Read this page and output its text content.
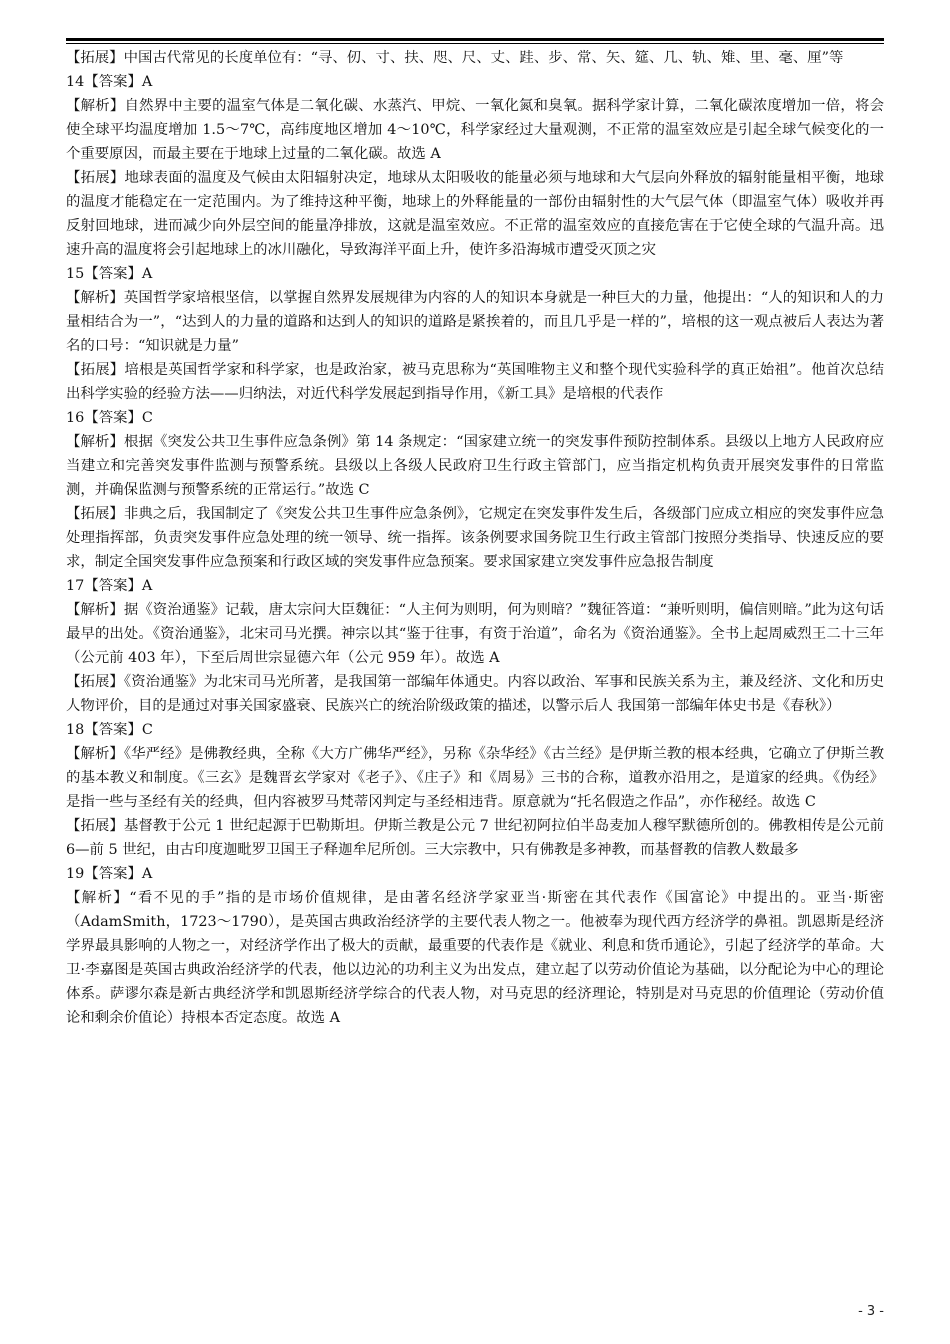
【拓展】中国古代常见的长度单位有：“寻、仞、寸、扶、咫、尺、丈、跬、步、常、矢、筵、几、轨、雉、里、毫、厘”等

14【答案】A

【解析】自然界中主要的温室气体是二氧化碳、水蒸汽、甲烷、一氧化氮和臭氧。据科学家计算，二氧化碳浓度增加一倍，将会使全球平均温度增加 1.5～7℃，高纬度地区增加 4～10℃，科学家经过大量观测，不正常的温室效应是引起全球气候变化的一个重要原因，而最主要在于地球上过量的二氧化碳。故选 A

【拓展】地球表面的温度及气候由太阳辐射决定，地球从太阳吸收的能量必须与地球和大气层向外释放的辐射能量相平衡，地球的温度才能稳定在一定范围内。为了维持这种平衡，地球上的外释能量的一部份由辐射性的大气层气体（即温室气体）吸收并再反射回地球，进而减少向外层空间的能量净排放，这就是温室效应。不正常的温室效应的直接危害在于它使全球的气温升高。迅速升高的温度将会引起地球上的冰川融化，导致海洋平面上升，使许多沿海城市遭受灭顶之灾

15【答案】A

【解析】英国哲学家培根坚信，以掌握自然界发展规律为内容的人的知识本身就是一种巨大的力量，他提出：“人的知识和人的力量相结合为一”，“达到人的力量的道路和达到人的知识的道路是紧挨着的，而且几乎是一样的”，培根的这一观点被后人表达为著名的口号：“知识就是力量”

【拓展】培根是英国哲学家和科学家，也是政治家，被马克思称为“英国唯物主义和整个现代实验科学的真正始祖”。他首次总结出科学实验的经验方法——归纳法，对近代科学发展起到指导作用，《新工具》是培根的代表作

16【答案】C

【解析】根据《突发公共卫生事件应急条例》第 14 条规定：“国家建立统一的突发事件预防控制体系。县级以上地方人民政府应当建立和完善突发事件监测与预警系统。县级以上各级人民政府卫生行政主管部门，应当指定机构负责开展突发事件的日常监测，并确保监测与预警系统的正常运行。”故选 C

【拓展】非典之后，我国制定了《突发公共卫生事件应急条例》，它规定在突发事件发生后，各级部门应成立相应的突发事件应急处理指挥部，负责突发事件应急处理的统一领导、统一指挥。该条例要求国务院卫生行政主管部门按照分类指导、快速反应的要求，制定全国突发事件应急预案和行政区域的突发事件应急预案。要求国家建立突发事件应急报告制度

17【答案】A

【解析】据《资治通鉴》记载，唐太宗问大臣魏征：“人主何为则明，何为则暗？”魏征答道：“兼听则明，偏信则暗。”此为这句话最早的出处。《资治通鉴》，北宋司马光撰。神宗以其“鉴于往事，有资于治道”，命名为《资治通鉴》。全书上起周威烈王二十三年（公元前 403 年），下至后周世宗显德六年（公元 959 年）。故选 A

【拓展】《资治通鉴》为北宋司马光所著，是我国第一部编年体通史。内容以政治、军事和民族关系为主，兼及经济、文化和历史人物评价，目的是通过对事关国家盛衰、民族兴亡的统治阶级政策的描述，以警示后人 我国第一部编年体史书是《春秋》）

18【答案】C

【解析】《华严经》是佛教经典，全称《大方广佛华严经》，另称《杂华经》《古兰经》是伊斯兰教的根本经典，它确立了伊斯兰教的基本教义和制度。《三玄》是魏晋玄学家对《老子》、《庄子》和《周易》三书的合称，道教亦沿用之，是道家的经典。《伪经》是指一些与圣经有关的经典，但内容被罗马梵蒂冈判定与圣经相违背。原意就为“托名假造之作品”，亦作秘经。故选 C

【拓展】基督教于公元 1 世纪起源于巴勒斯坦。伊斯兰教是公元 7 世纪初阿拉伯半岛麦加人穆罕默德所创的。佛教相传是公元前 6—前 5 世纪，由古印度迦毗罗卫国王子释迦牟尼所创。三大宗教中，只有佛教是多神教，而基督教的信教人数最多

19【答案】A

【解析】“看不见的手”指的是市场价值规律，是由著名经济学家亚当·斯密在其代表作《国富论》中提出的。亚当·斯密（AdamSmith，1723～1790），是英国古典政治经济学的主要代表人物之一。他被奉为现代西方经济学的鼻祖。凯恩斯是经济学界最具影响的人物之一，对经济学作出了极大的贡献，最重要的代表作是《就业、利息和货币通论》，引起了经济学的革命。大卫·李嘉图是英国古典政治经济学的代表，他以边沁的功利主义为出发点，建立起了以劳动价值论为基础，以分配论为中心的理论体系。萨谬尔森是新古典经济学和凯恩斯经济学综合的代表人物，对马克思的经济理论，特别是对马克思的价值理论（劳动价值论和剩余价值论）持根本否定态度。故选 A

- 3 -
